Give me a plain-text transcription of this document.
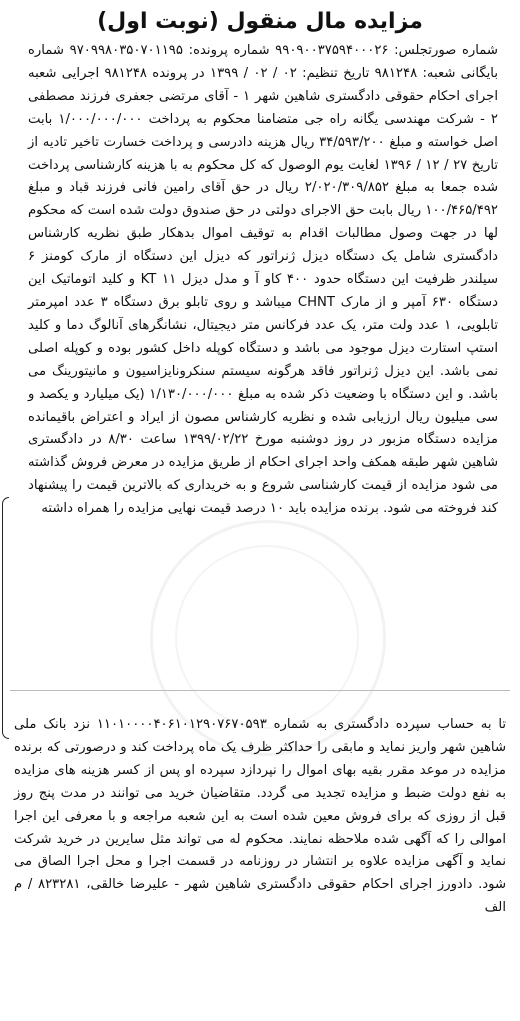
مزایده مال منقول (نوبت اول)

شماره صورتجلس: ۹۹۰۹۰۰۳۷۵۹۴۰۰۰۲۶ شماره پرونده: ۹۷۰۹۹۸۰۳۵۰۷۰۱۱۹۵ شماره بایگانی شعبه: ۹۸۱۲۴۸ تاریخ تنظیم: ۰۲ / ۰۲ / ۱۳۹۹ در پرونده ۹۸۱۲۴۸ اجرایی شعبه اجرای احکام حقوقی دادگستری شاهین شهر ۱ - آقای مرتضی جعفری فرزند مصطفی ۲ - شرکت مهندسی یگانه راه جی متضامنا محکوم به پرداخت ۱/۰۰۰/۰۰۰/۰۰۰ بابت اصل خواسته و مبلغ ۳۴/۵۹۳/۲۰۰ ریال هزینه دادرسی و پرداخت خسارت تاخیر تادیه از تاریخ ۲۷ / ۱۲ / ۱۳۹۶ لغایت یوم الوصول که کل محکوم به با هزینه کارشناسی پرداخت شده جمعا به مبلغ ۲/۰۲۰/۳۰۹/۸۵۲ ریال در حق آقای رامین فانی فرزند قباد و مبلغ ۱۰۰/۴۶۵/۴۹۲ ریال بابت حق الاجرای دولتی در حق صندوق دولت شده است که محکوم لها در جهت وصول مطالبات اقدام به توقیف اموال بدهکار طبق نظریه کارشناس دادگستری شامل یک دستگاه دیزل ژنراتور که دیزل این دستگاه از مارک کومنز ۶ سیلندر ظرفیت این دستگاه حدود ۴۰۰ کاو آ و مدل دیزل KT ۱۱ و کلید اتوماتیک این دستگاه ۶۳۰ آمپر و از مارک CHNT میباشد و روی تابلو برق دستگاه ۳ عدد امپرمتر تابلویی، ۱ عدد ولت متر، یک عدد فرکانس متر دیجیتال، نشانگرهای آنالوگ دما و کلید استپ استارت دیزل موجود می باشد و دستگاه کوپله داخل کشور بوده و کوپله اصلی نمی باشد. این دیزل ژنراتور فاقد هرگونه سیستم سنکرونایزاسیون و مانیتورینگ می باشد. و این دستگاه با وضعیت ذکر شده به مبلغ ۱/۱۳۰/۰۰۰/۰۰۰ (یک میلیارد و یکصد و سی میلیون ریال ارزیابی شده و نظریه کارشناس مصون از ایراد و اعتراض باقیمانده مزایده دستگاه مزبور در روز دوشنبه مورخ ۱۳۹۹/۰۲/۲۲ ساعت ۸/۳۰ در دادگستری شاهین شهر طبقه همکف واحد اجرای احکام از طریق مزایده در معرض فروش گذاشته می شود مزایده از قیمت کارشناسی شروع و به خریداری که بالاترین قیمت را پیشنهاد کند فروخته می شود. برنده مزایده باید ۱۰ درصد قیمت نهایی مزایده را همراه داشته

تا به حساب سپرده دادگستری به شماره ۱۱۰۱۰۰۰۰۴۰۶۱۰۱۲۹۰۷۶۷۰۵۹۳ نزد بانک ملی شاهین شهر واریز نماید و مابقی را حداکثر ظرف یک ماه پرداخت کند و درصورتی که برنده مزایده در موعد مقرر بقیه بهای اموال را نپردازد سپرده او پس از کسر هزینه های مزایده به نفع دولت ضبط و مزایده تجدید می گردد. متقاضیان خرید می توانند در مدت پنج روز قبل از روزی که برای فروش معین شده است به این شعبه مراجعه و با معرفی این اجرا اموالی را که آگهی شده ملاحظه نمایند. محکوم له می تواند مثل سایرین در خرید شرکت نماید و آگهی مزایده علاوه بر انتشار در روزنامه در قسمت اجرا و محل اجرا الصاق می شود. دادورز اجرای احکام حقوقی دادگستری شاهین شهر - علیرضا خالقی، ۸۲۳۲۸۱ / م الف
